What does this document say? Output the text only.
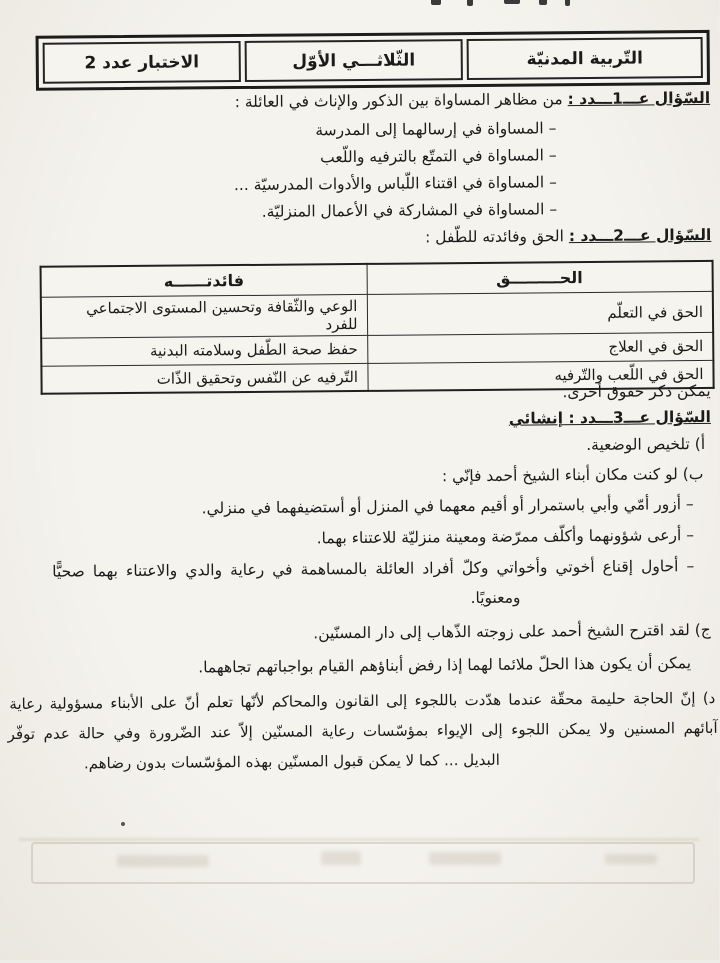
التّربية المدنيّة
الثّلاثـــي الأوّل
الاختبار عدد 2
السّؤال عـــ1ـــدد : من مظاهر المساواة بين الذكور والإناث في العائلة :
– المساواة في إرسالهما إلى المدرسة
– المساواة في التمتّع بالترفيه واللّعب
– المساواة في اقتناء اللّباس والأدوات المدرسيّة ...
– المساواة في المشاركة في الأعمال المنزليّة.
السّؤال عـــ2ـــدد : الحق وفائدته للطّفل :
الحـــــــــق	فائدتــــــه
الحق في التعلّم	الوعي والثّقافة وتحسين المستوى الاجتماعي للفرد
الحق في العلاج	حفظ صحة الطّفل وسلامته البدنية
الحق في اللّعب والتّرفيه	التّرفيه عن النّفس وتحقيق الذّات
يمكن ذكر حقوق أخرى.
السّؤال عـــ3ـــدد : إنشائي
أ) تلخيص الوضعية.
ب) لو كنت مكان أبناء الشيخ أحمد فإنّي :
– أزور أمّي وأبي باستمرار أو أقيم معهما في المنزل أو أستضيفهما في منزلي.
– أرعى شؤونهما وأكلّف ممرّضة ومعينة منزليّة للاعتناء بهما.
– أحاول إقناع أخوتي وأخواتي وكلّ أفراد العائلة بالمساهمة في رعاية والدي والاعتناء بهما صحيًّا
ومعنويًا.
ج) لقد اقترح الشيخ أحمد على زوجته الذّهاب إلى دار المسنّين.
يمكن أن يكون هذا الحلّ ملائما لهما إذا رفض أبناؤهم القيام بواجباتهم تجاههما.
د) إنّ الحاجة حليمة محقّة عندما هدّدت باللجوء إلى القانون والمحاكم لأنّها تعلم أنّ على الأبناء مسؤولية رعاية
آبائهم المسنين ولا يمكن اللجوء إلى الإيواء بمؤسّسات رعاية المسنّين إلاّ عند الضّرورة وفي حالة عدم توفّر
البديل ... كما لا يمكن قبول المسنّين بهذه المؤسّسات بدون رضاهم.
